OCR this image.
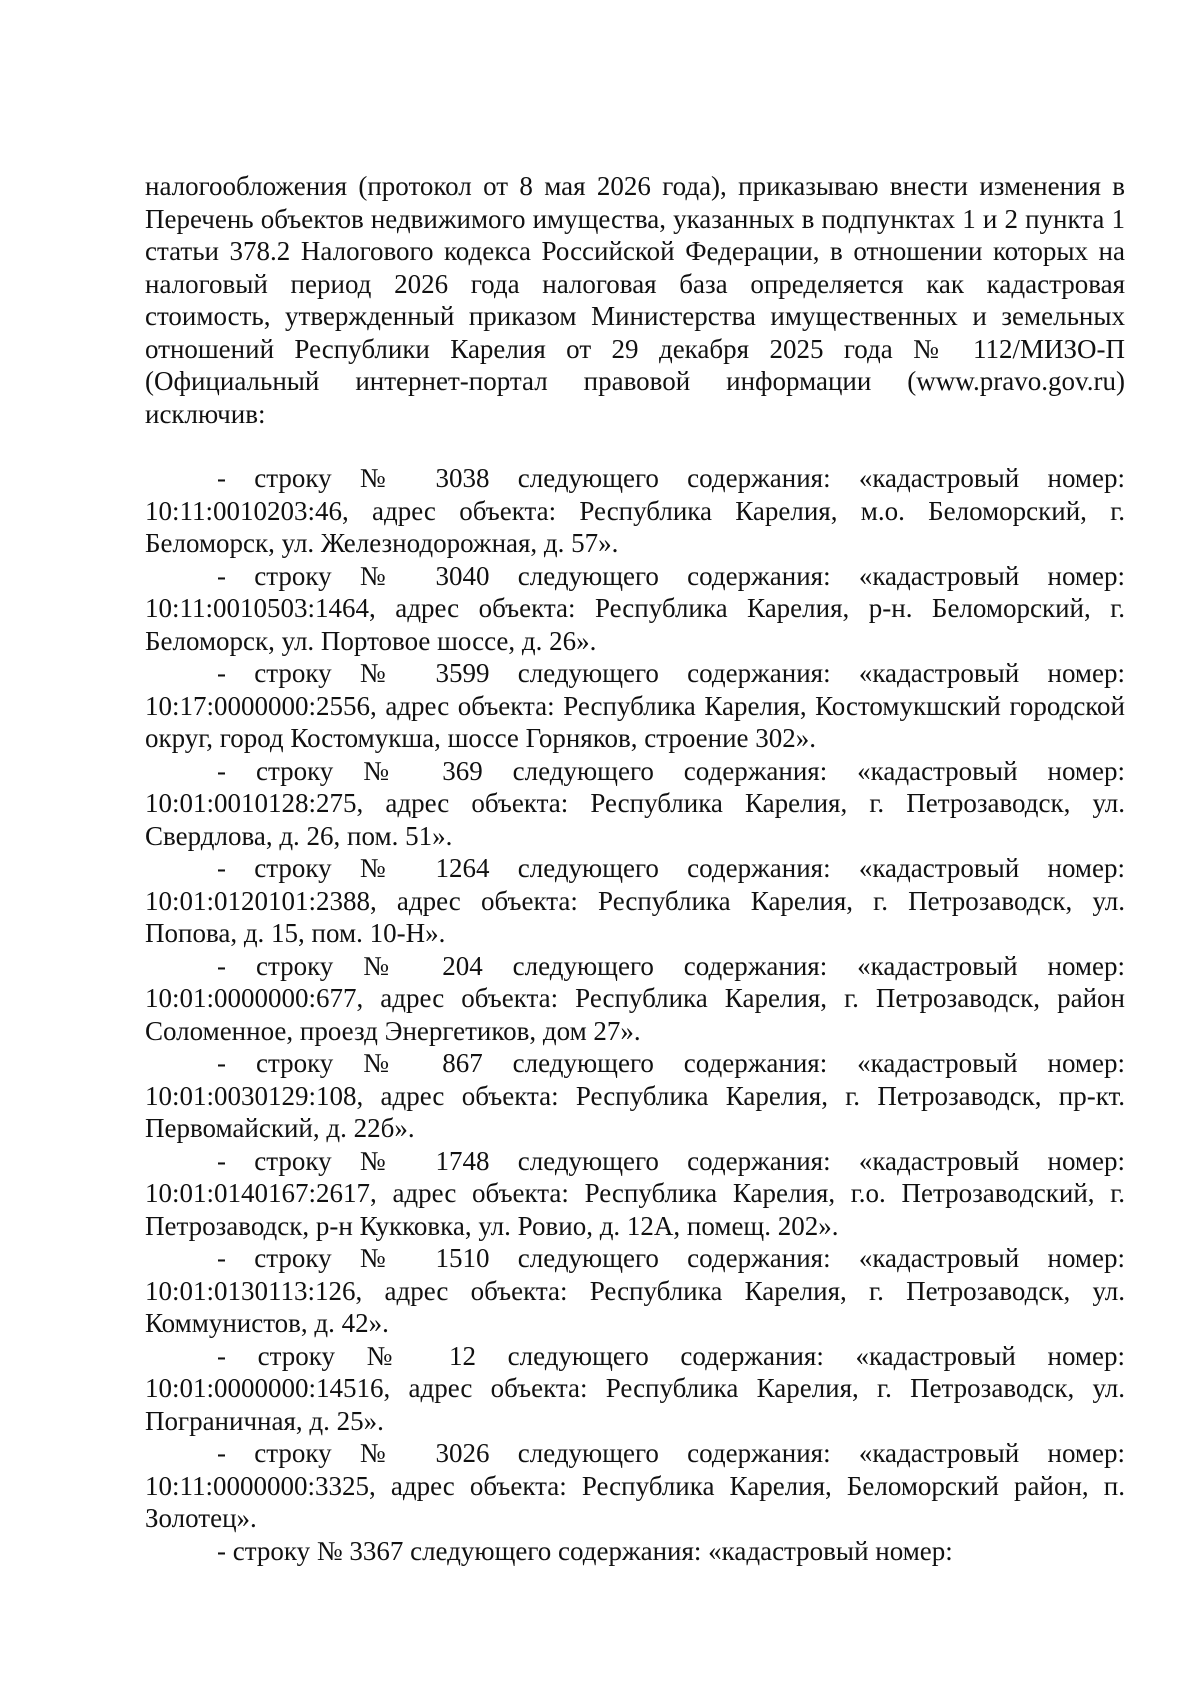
налогообложения (протокол от 8 мая 2026 года), приказываю внести изменения в Перечень объектов недвижимого имущества, указанных в подпунктах 1 и 2 пункта 1 статьи 378.2 Налогового кодекса Российской Федерации, в отношении которых на налоговый период 2026 года налоговая база определяется как кадастровая стоимость, утвержденный приказом Министерства имущественных и земельных отношений Республики Карелия от 29 декабря 2025 года № 112/МИЗО-П (Официальный интернет-портал правовой информации (www.pravo.gov.ru) исключив:

- строку № 3038 следующего содержания: «кадастровый номер: 10:11:0010203:46, адрес объекта: Республика Карелия, м.о. Беломорский, г. Беломорск, ул. Железнодорожная, д. 57».

- строку № 3040 следующего содержания: «кадастровый номер: 10:11:0010503:1464, адрес объекта: Республика Карелия, р-н. Беломорский, г. Беломорск, ул. Портовое шоссе, д. 26».

- строку № 3599 следующего содержания: «кадастровый номер: 10:17:0000000:2556, адрес объекта: Республика Карелия, Костомукшский городской округ, город Костомукша, шоссе Горняков, строение 302».

- строку № 369 следующего содержания: «кадастровый номер: 10:01:0010128:275, адрес объекта: Республика Карелия, г. Петрозаводск, ул. Свердлова, д. 26, пом. 51».

- строку № 1264 следующего содержания: «кадастровый номер: 10:01:0120101:2388, адрес объекта: Республика Карелия, г. Петрозаводск, ул. Попова, д. 15, пом. 10-Н».

- строку № 204 следующего содержания: «кадастровый номер: 10:01:0000000:677, адрес объекта: Республика Карелия, г. Петрозаводск, район Соломенное, проезд Энергетиков, дом 27».

- строку № 867 следующего содержания: «кадастровый номер: 10:01:0030129:108, адрес объекта: Республика Карелия, г. Петрозаводск, пр-кт. Первомайский, д. 22б».

- строку № 1748 следующего содержания: «кадастровый номер: 10:01:0140167:2617, адрес объекта: Республика Карелия, г.о. Петрозаводский, г. Петрозаводск, р-н Кукковка, ул. Ровио, д. 12А, помещ. 202».

- строку № 1510 следующего содержания: «кадастровый номер: 10:01:0130113:126, адрес объекта: Республика Карелия, г. Петрозаводск, ул. Коммунистов, д. 42».

- строку № 12 следующего содержания: «кадастровый номер: 10:01:0000000:14516, адрес объекта: Республика Карелия, г. Петрозаводск, ул. Пограничная, д. 25».

- строку № 3026 следующего содержания: «кадастровый номер: 10:11:0000000:3325, адрес объекта: Республика Карелия, Беломорский район, п. Золотец».

- строку № 3367 следующего содержания: «кадастровый номер:
